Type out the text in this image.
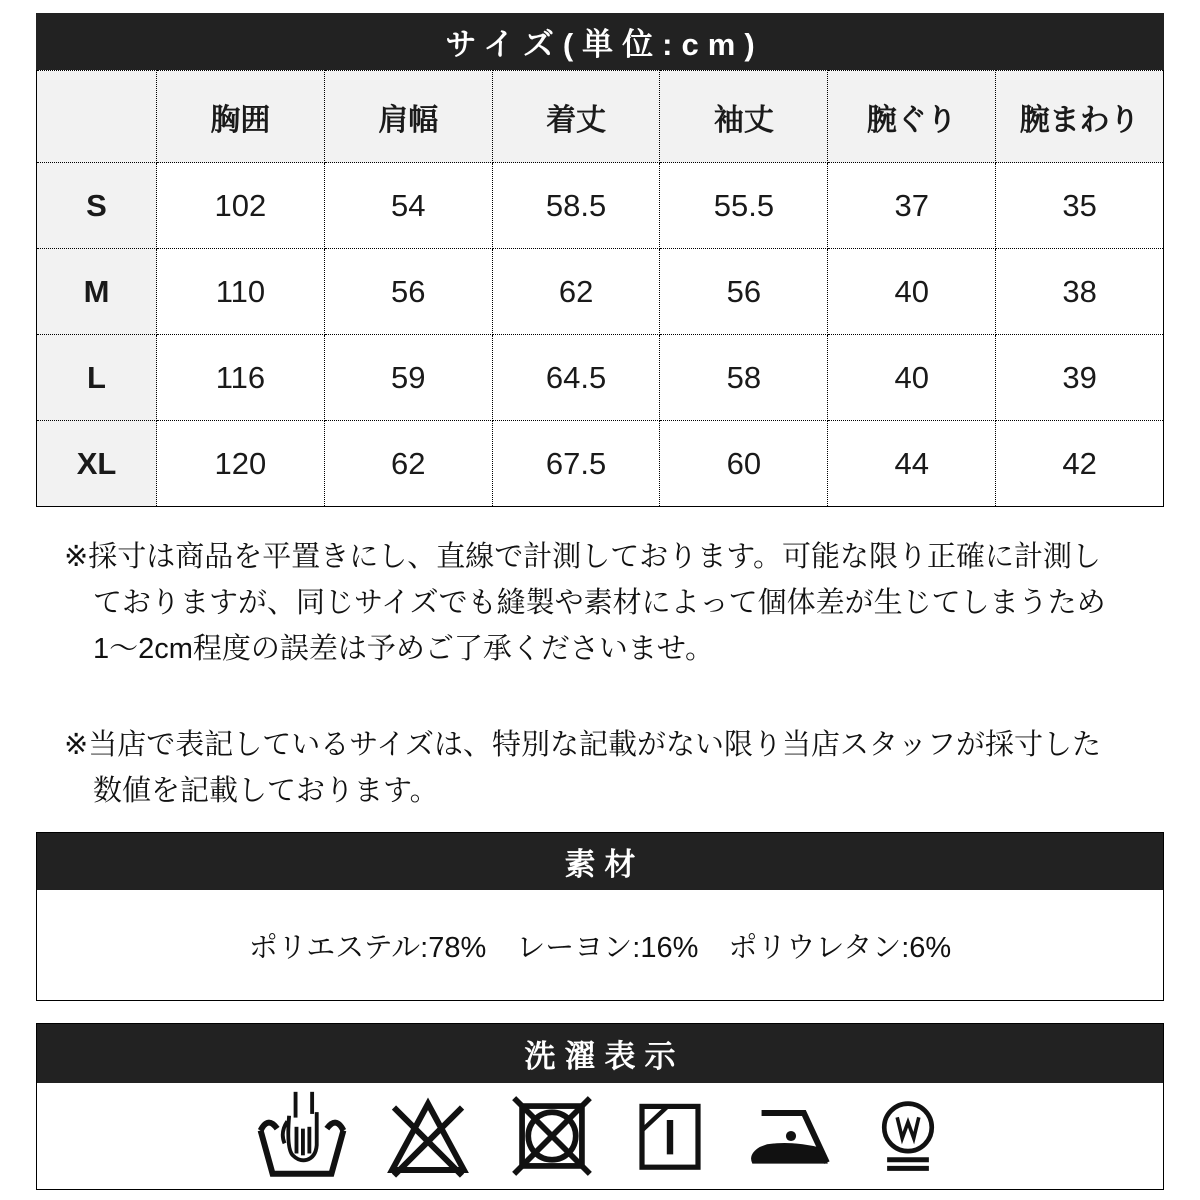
サイズ(単位:cm)
	胸囲	肩幅	着丈	袖丈	腕ぐり	腕まわり
S	102	54	58.5	55.5	37	35
M	110	56	62	56	40	38
L	116	59	64.5	58	40	39
XL	120	62	67.5	60	44	42
※採寸は商品を平置きにし、直線で計測しております。可能な限り正確に計測し
ておりますが、同じサイズでも縫製や素材によって個体差が生じてしまうため
1〜2cm程度の誤差は予めご了承くださいませ。
※当店で表記しているサイズは、特別な記載がない限り当店スタッフが採寸した
数値を記載しております。
素材
ポリエステル:78% レーヨン:16% ポリウレタン:6%
洗濯表示
